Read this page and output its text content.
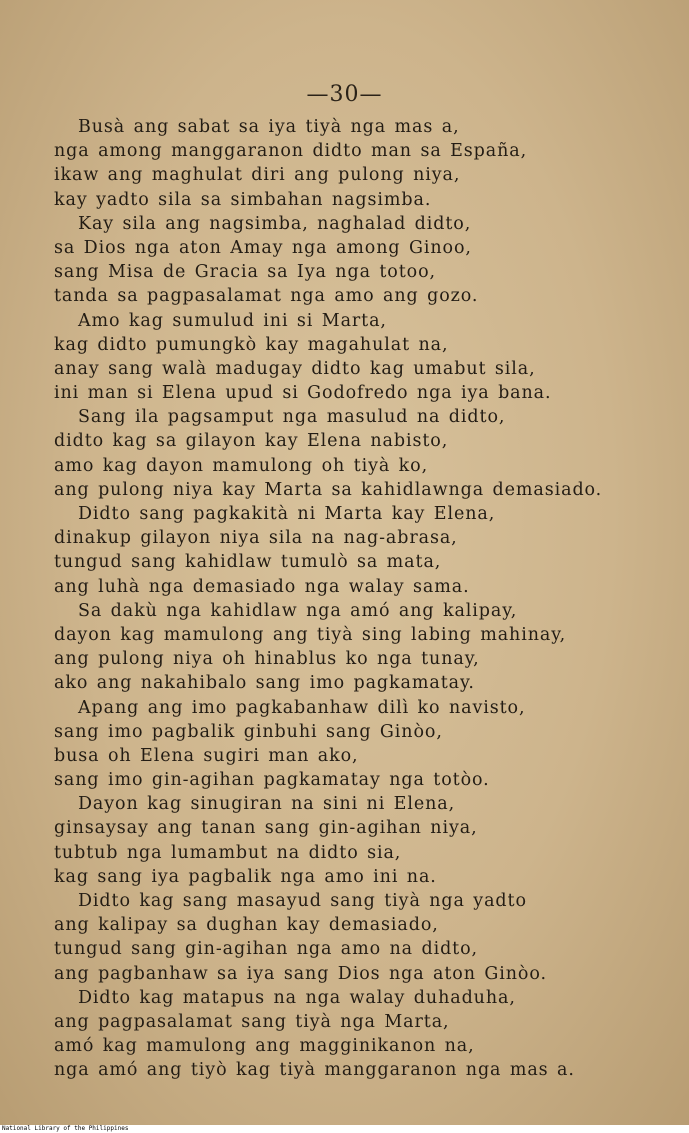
—30—
Busà ang sabat sa iya tiyà nga mas a,
nga among manggaranon didto man sa España,
ikaw ang maghulat diri ang pulong niya,
kay yadto sila sa simbahan nagsimba.
Kay sila ang nagsimba, naghalad didto,
sa Dios nga aton Amay nga among Ginoo,
sang Misa de Gracia sa Iya nga totoo,
tanda sa pagpasalamat nga amo ang gozo.
Amo kag sumulud ini si Marta,
kag didto pumungkò kay magahulat na,
anay sang walà madugay didto kag umabut sila,
ini man si Elena upud si Godofredo nga iya bana.
Sang ila pagsamput nga masulud na didto,
didto kag sa gilayon kay Elena nabisto,
amo kag dayon mamulong oh tiyà ko,
ang pulong niya kay Marta sa kahidlawnga demasiado.
Didto sang pagkakità ni Marta kay Elena,
dinakup gilayon niya sila na nag-abrasa,
tungud sang kahidlaw tumulò sa mata,
ang luhà nga demasiado nga walay sama.
Sa dakù nga kahidlaw nga amó ang kalipay,
dayon kag mamulong ang tiyà sing labing mahinay,
ang pulong niya oh hinablus ko nga tunay,
ako ang nakahibalo sang imo pagkamatay.
Apang ang imo pagkabanhaw dilì ko navisto,
sang imo pagbalik ginbuhi sang Ginòo,
busa oh Elena sugiri man ako,
sang imo gin-agihan pagkamatay nga totòo.
Dayon kag sinugiran na sini ni Elena,
ginsaysay ang tanan sang gin-agihan niya,
tubtub nga lumambut na didto sia,
kag sang iya pagbalik nga amo ini na.
Didto kag sang masayud sang tiyà nga yadto
ang kalipay sa dughan kay demasiado,
tungud sang gin-agihan nga amo na didto,
ang pagbanhaw sa iya sang Dios nga aton Ginòo.
Didto kag matapus na nga walay duhaduha,
ang pagpasalamat sang tiyà nga Marta,
amó kag mamulong ang magginikanon na,
nga amó ang tiyò kag tiyà manggaranon nga mas a.
National Library of the Philippines
